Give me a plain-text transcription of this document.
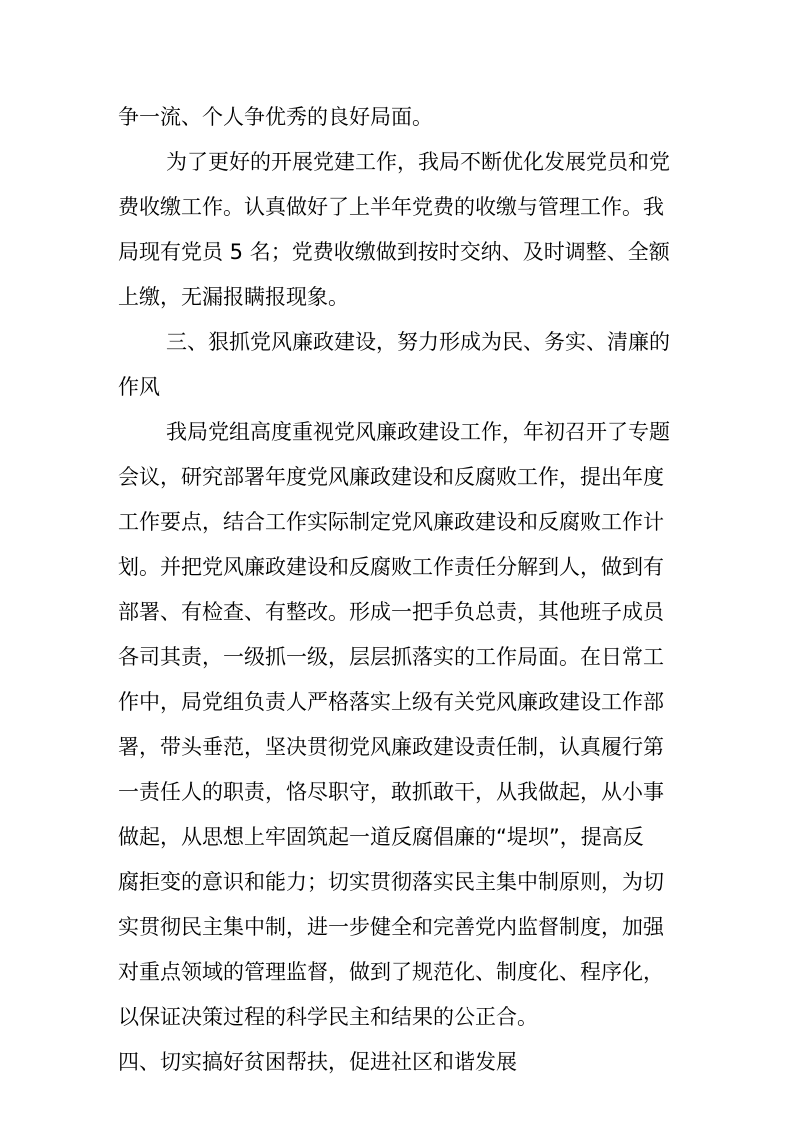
争一流、个人争优秀的良好局面。
为了更好的开展党建工作，我局不断优化发展党员和党
费收缴工作。认真做好了上半年党费的收缴与管理工作。我
局现有党员 5 名；党费收缴做到按时交纳、及时调整、全额
上缴，无漏报瞒报现象。
三、狠抓党风廉政建设，努力形成为民、务实、清廉的
作风
我局党组高度重视党风廉政建设工作，年初召开了专题
会议，研究部署年度党风廉政建设和反腐败工作，提出年度
工作要点，结合工作实际制定党风廉政建设和反腐败工作计
划。并把党风廉政建设和反腐败工作责任分解到人，做到有
部署、有检查、有整改。形成一把手负总责，其他班子成员
各司其责，一级抓一级，层层抓落实的工作局面。在日常工
作中，局党组负责人严格落实上级有关党风廉政建设工作部
署，带头垂范，坚决贯彻党风廉政建设责任制，认真履行第
一责任人的职责，恪尽职守，敢抓敢干，从我做起，从小事
做起，从思想上牢固筑起一道反腐倡廉的“堤坝”，提高反
腐拒变的意识和能力；切实贯彻落实民主集中制原则，为切
实贯彻民主集中制，进一步健全和完善党内监督制度，加强
对重点领域的管理监督，做到了规范化、制度化、程序化，
以保证决策过程的科学民主和结果的公正合。
四、切实搞好贫困帮扶，促进社区和谐发展
